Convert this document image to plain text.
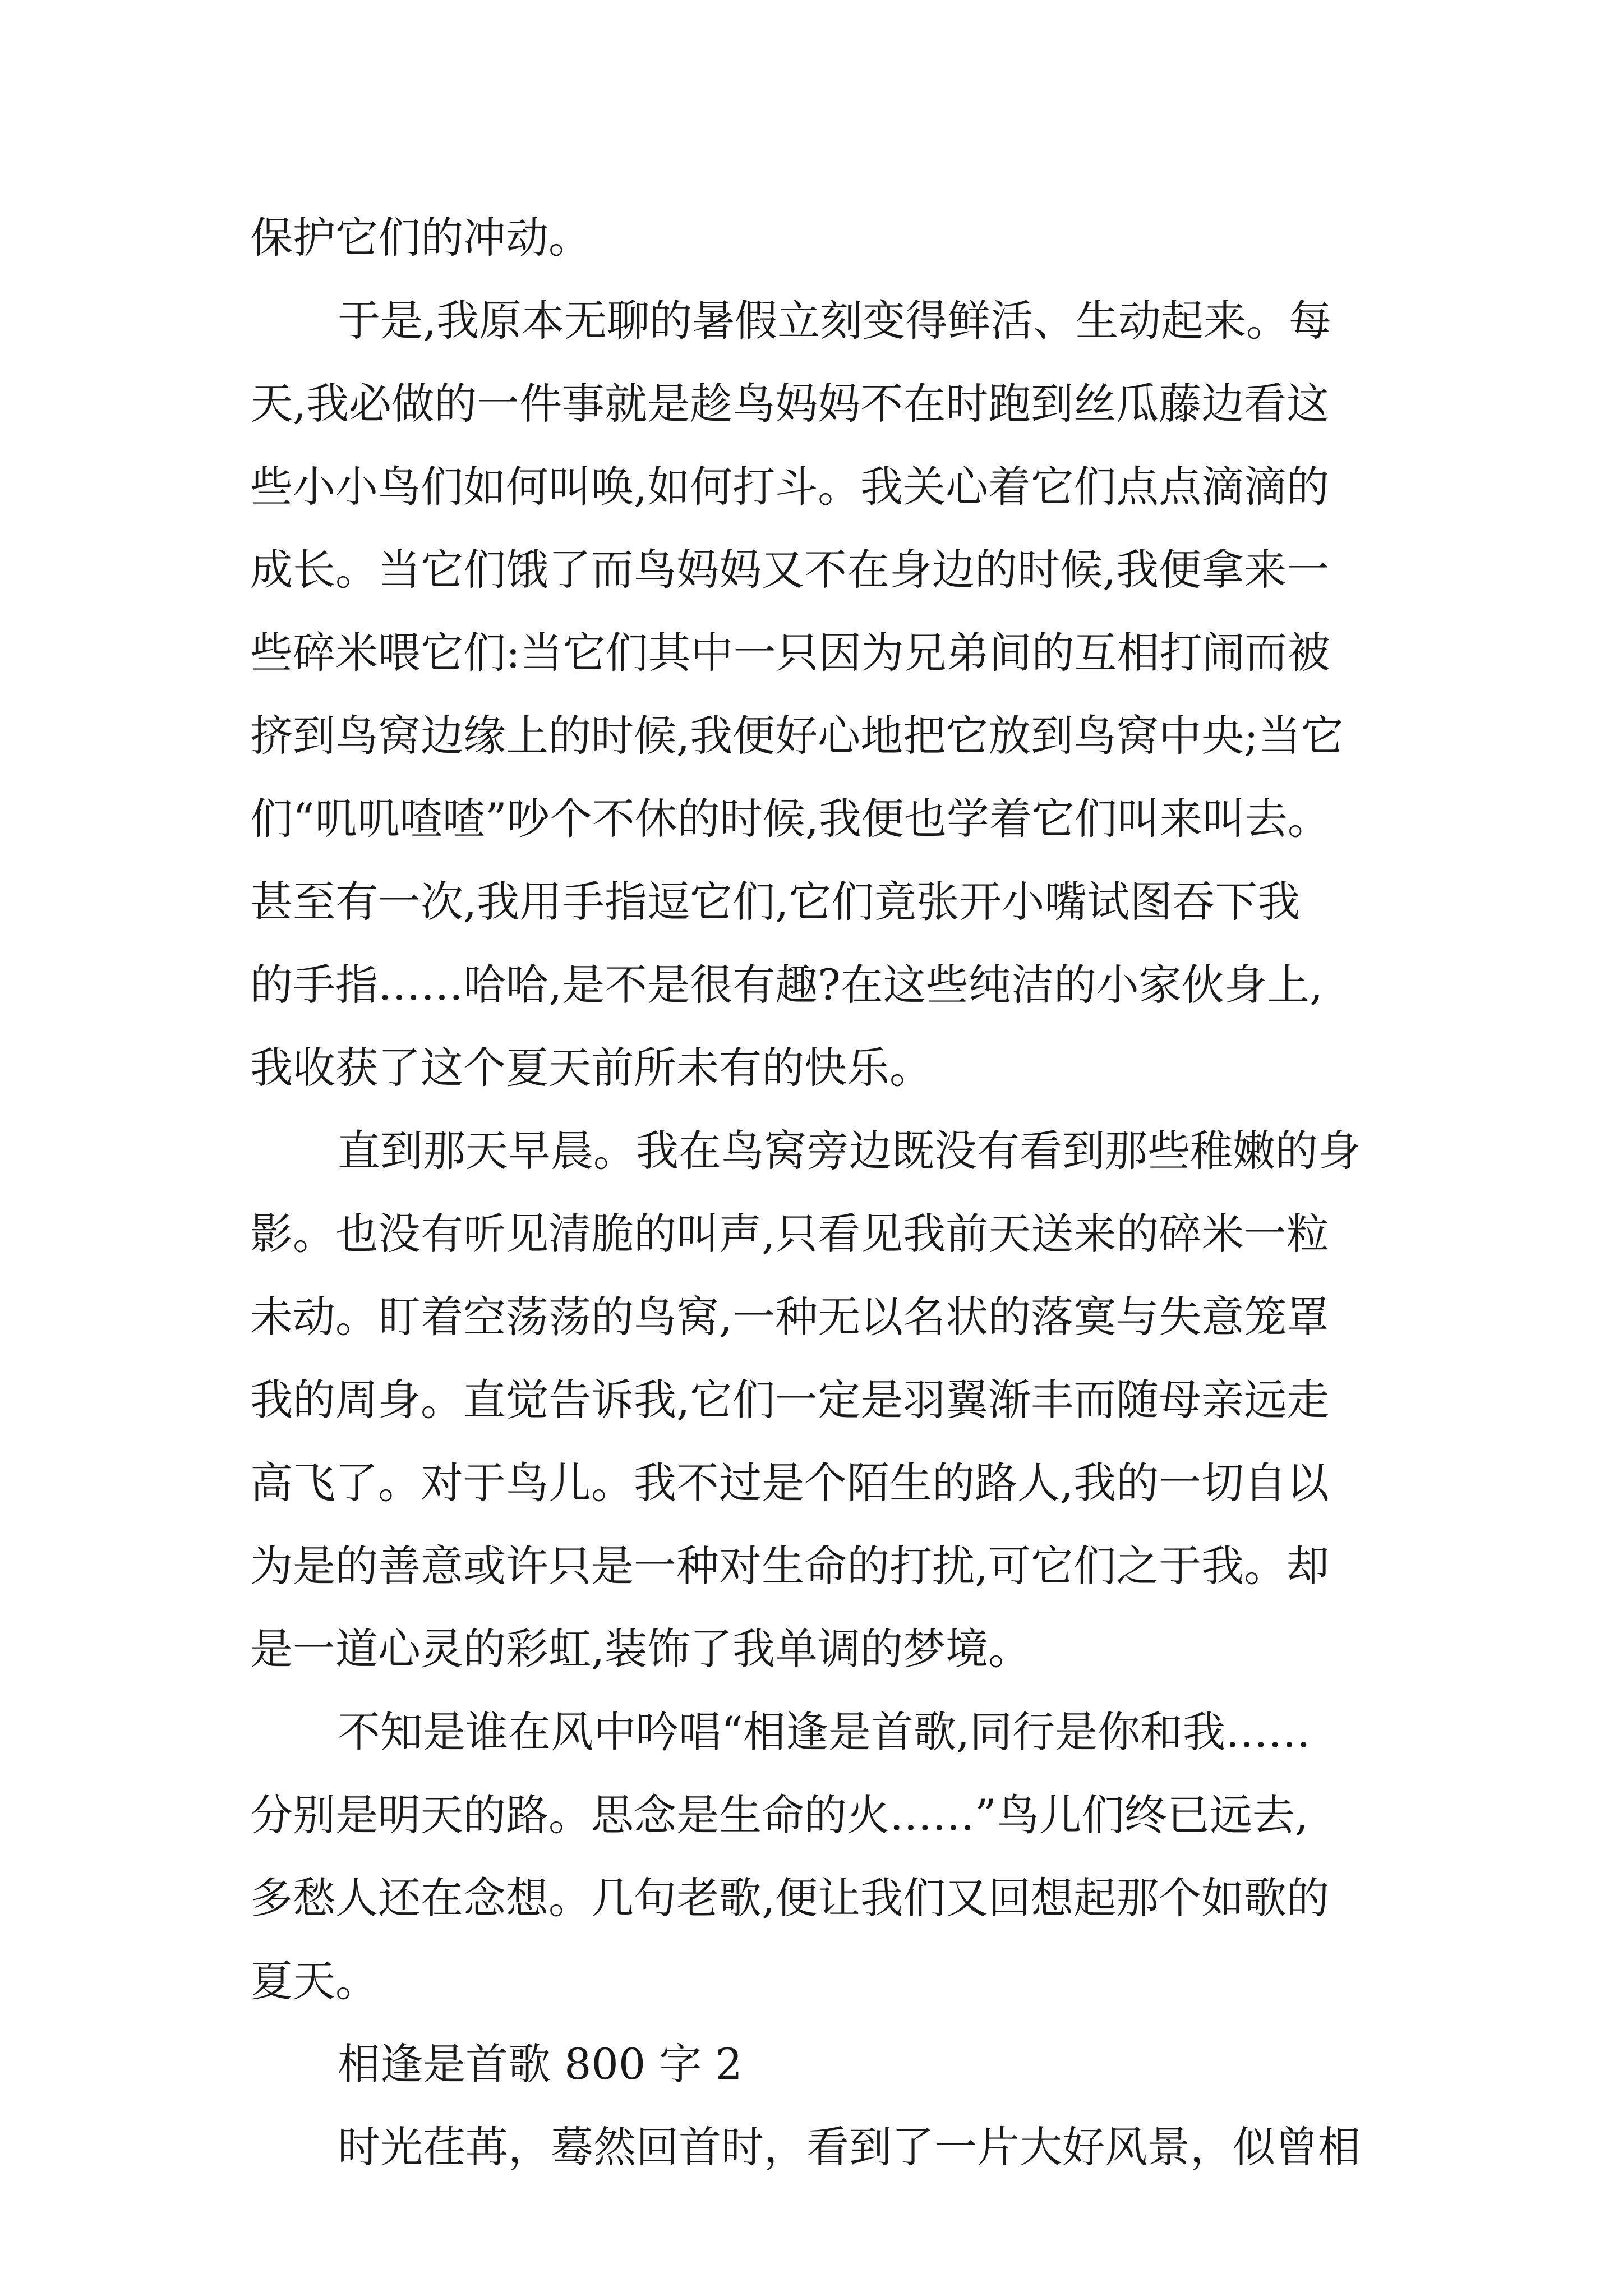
保护它们的冲动。

于是,我原本无聊的暑假立刻变得鲜活、生动起来。每

天,我必做的一件事就是趁鸟妈妈不在时跑到丝瓜藤边看这

些小小鸟们如何叫唤,如何打斗。我关心着它们点点滴滴的

成长。当它们饿了而鸟妈妈又不在身边的时候,我便拿来一

些碎米喂它们:当它们其中一只因为兄弟间的互相打闹而被

挤到鸟窝边缘上的时候,我便好心地把它放到鸟窝中央;当它

们“叽叽喳喳”吵个不休的时候,我便也学着它们叫来叫去。

甚至有一次,我用手指逗它们,它们竟张开小嘴试图吞下我

的手指……哈哈,是不是很有趣?在这些纯洁的小家伙身上,

我收获了这个夏天前所未有的快乐。

直到那天早晨。我在鸟窝旁边既没有看到那些稚嫩的身

影。也没有听见清脆的叫声,只看见我前天送来的碎米一粒

未动。盯着空荡荡的鸟窝,一种无以名状的落寞与失意笼罩

我的周身。直觉告诉我,它们一定是羽翼渐丰而随母亲远走

高飞了。对于鸟儿。我不过是个陌生的路人,我的一切自以

为是的善意或许只是一种对生命的打扰,可它们之于我。却

是一道心灵的彩虹,装饰了我单调的梦境。

不知是谁在风中吟唱“相逢是首歌,同行是你和我……

分别是明天的路。思念是生命的火……”鸟儿们终已远去,

多愁人还在念想。几句老歌,便让我们又回想起那个如歌的

夏天。

相逢是首歌 800 字 2

时光荏苒，蓦然回首时，看到了一片大好风景，似曾相
